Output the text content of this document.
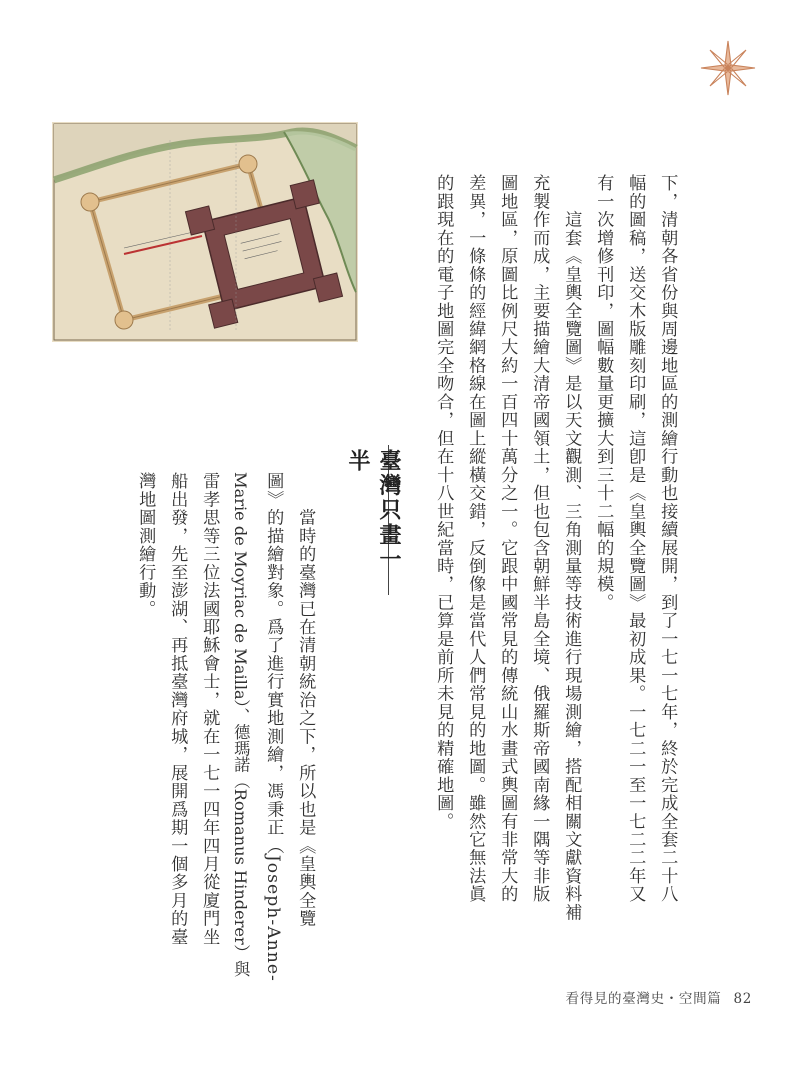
下，清朝各省份與周邊地區的測繪行動也接續展開，到了一七一七年，終於完成全套二十八
幅的圖稿，送交木版雕刻印刷，這卽是《皇輿全覽圖》最初成果。一七二一至一七二二年又
有一次增修刊印，圖幅數量更擴大到三十二幅的規模。
　　這套《皇輿全覽圖》是以天文觀測、三角測量等技術進行現場測繪，搭配相關文獻資料補
充製作而成，主要描繪大清帝國領土，但也包含朝鮮半島全境、俄羅斯帝國南緣一隅等非版
圖地區，原圖比例尺大約一百四十萬分之一。它跟中國常見的傳統山水畫式輿圖有非常大的
差異，一條條的經緯網格線在圖上縱橫交錯，反倒像是當代人們常見的地圖。雖然它無法眞
的跟現在的電子地圖完全吻合，但在十八世紀當時，已算是前所未見的精確地圖。
臺灣只畫一半
　　當時的臺灣已在清朝統治之下，所以也是《皇輿全覽
圖》的描繪對象。爲了進行實地測繪，馮秉正（Joseph-Anne-
Marie de Moyriac de Mailla）、德瑪諾（Romanus Hinderer）與
雷孝思等三位法國耶穌會士，就在一七一四年四月從廈門坐
船出發，先至澎湖、再抵臺灣府城，展開爲期一個多月的臺
灣地圖測繪行動。
看得見的臺灣史・空間篇 82
